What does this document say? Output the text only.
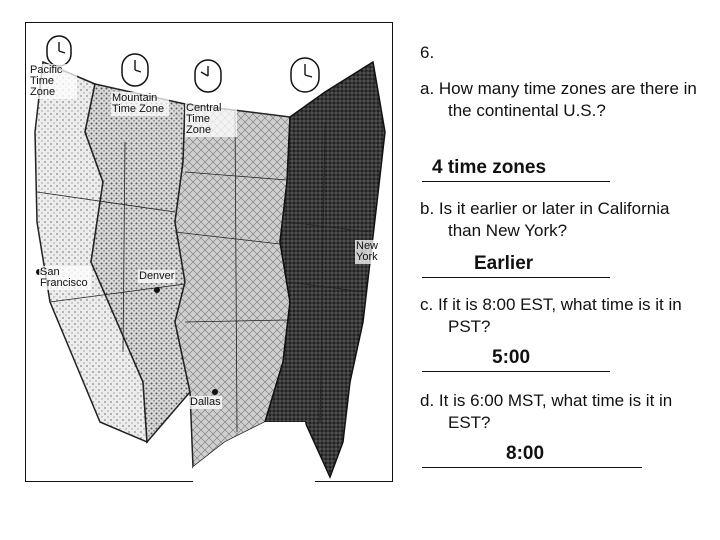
Pacific Time Zone	Mountain Time Zone	Central Time Zone
San Francisco
Denver
Dallas
New York
6.
a. How many time zones are there in the continental U.S.?
4 time zones
b. Is it earlier or later in California than New York?
Earlier
c. If it is 8:00 EST, what time is it in PST?
5:00
d. It is 6:00 MST, what time is it in EST?
8:00
